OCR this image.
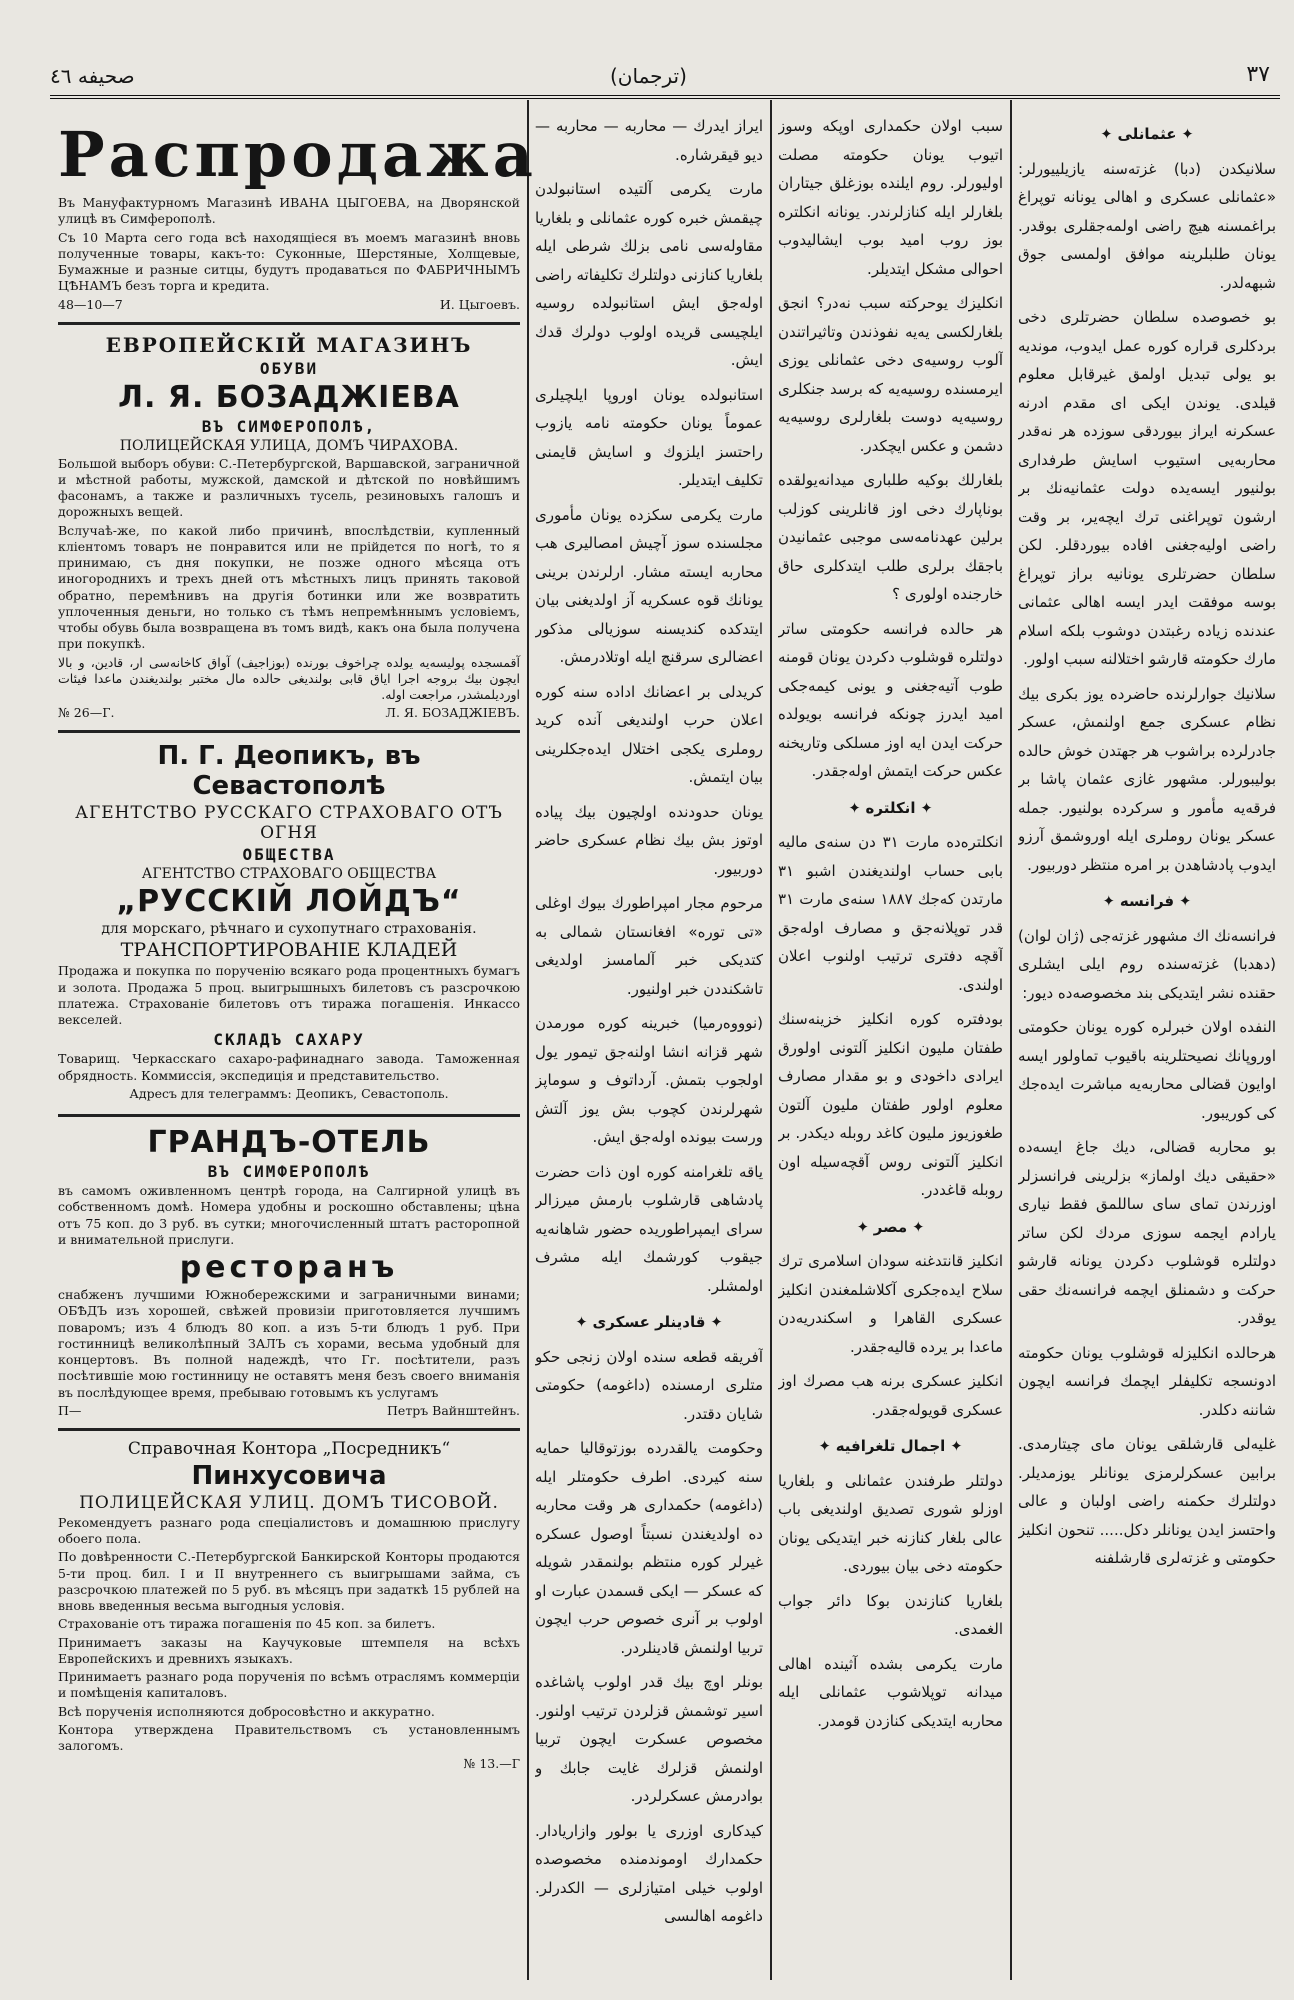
صحيفه ٤٦	(ترجمان)	٣٧
Распродажа

Въ Мануфактурномъ Магазинѣ ИВАНА ЦЫГОЕВА, на Дворянской улицѣ въ Симферополѣ.

Съ 10 Марта сего года всѣ находящіеся въ моемъ магазинѣ вновь полученные товары, какъ-то: Суконные, Шерстяные, Холщевые, Бумажные и разные ситцы, будутъ продаваться по ФАБРИЧНЫМЪ ЦѢНАМЪ безъ торга и кредита.

48—10—7	И. Цыгоевъ.
ЕВРОПЕЙСКІЙ МАГАЗИНЪ
ОБУВИ
Л. Я. БОЗАДЖІЕВА
ВЪ СИМФЕРОПОЛѢ,
ПОЛИЦЕЙСКАЯ УЛИЦА, ДОМЪ ЧИРАХОВА.

Большой выборъ обуви: С.-Петербургской, Варшавской, заграничной и мѣстной работы, мужской, дамской и дѣтской по новѣйшимъ фасонамъ, а также и различныхъ тусель, резиновыхъ галошъ и дорожныхъ вещей.

Вслучаѣ-же, по какой либо причинѣ, впослѣдствіи, купленный кліентомъ товаръ не понравится или не прійдется по ногѣ, то я принимаю, съ дня покупки, не позже одного мѣсяца отъ иногороднихъ и трехъ дней отъ мѣстныхъ лицъ принять таковой обратно, перемѣнивъ на другія ботинки или же возвратить уплоченныя деньги, но только съ тѣмъ непремѣннымъ условіемъ, чтобы обувь была возвращена въ томъ видѣ, какъ она была получена при покупкѣ.

آقمسجده پولیسه‌یه یولده چراخوف بورنده (بوزاجيف) آواق كاخانه‌سى ار، قادين، و بالا ایچون بيك بروجه اجرا ایاق قابى بولندیغى حالده مال مختبر بولندیغندن ماعدا فيئات اوردیلمشدر، مراجعت اوله.

№ 26—Г.	Л. Я. БОЗАДЖІЕВЪ.
П. Г. Деопикъ, въ Севастополѣ
АГЕНТСТВО РУССКАГО СТРАХОВАГО ОТЪ ОГНЯ
ОБЩЕСТВА
АГЕНТСТВО СТРАХОВАГО ОБЩЕСТВА
„РУССКІЙ ЛОЙДЪ“
для морскаго, рѣчнаго и сухопутнаго страхованія.
ТРАНСПОРТИРОВАНІЕ КЛАДЕЙ

Продажа и покупка по порученію всякаго рода процентныхъ бумагъ и золота. Продажа 5 проц. выигрышныхъ билетовъ съ разсрочкою платежа. Страхованіе билетовъ отъ тиража погашенія. Инкассо векселей.

СКЛАДЪ САХАРУ

Товарищ. Черкасскаго сахаро-рафинаднаго завода. Таможенная обрядность. Коммиссія, экспедиція и представительство.

Адресъ для телеграммъ: Деопикъ, Севастополь.

ГРАНДЪ-ОТЕЛЬ
ВЪ СИМФЕРОПОЛѢ

въ самомъ оживленномъ центрѣ города, на Салгирной улицѣ въ собственномъ домѣ. Номера удобны и роскошно обставлены; цѣна отъ 75 коп. до 3 руб. въ сутки; многочисленный штатъ расторопной и внимательной прислуги.

ресторанъ

снабженъ лучшими Южнобережскими и заграничными винами; ОБѢДЪ изъ хорошей, свѣжей провизіи приготовляется лучшимъ поваромъ; изъ 4 блюдъ 80 коп. а изъ 5-ти блюдъ 1 руб. При гостинницѣ великолѣпный ЗАЛЪ съ хорами, весьма удобный для концертовъ. Въ полной надеждѣ, что Гг. посѣтители, разъ посѣтившіе мою гостинницу не оставятъ меня безъ своего вниманія въ послѣдующее время, пребываю готовымъ къ услугамъ

П—	Петръ Вайнштейнъ.
Справочная Контора „Посредникъ“
Пинхусовича
ПОЛИЦЕЙСКАЯ УЛИЦ. ДОМЪ ТИСОВОЙ.

Рекомендуетъ разнаго рода спеціалистовъ и домашнюю прислугу обоего пола.

По довѣренности С.-Петербургской Банкирской Конторы продаются 5-ти проц. бил. I и II внутреннего съ выигрышами займа, съ разсрочкою платежей по 5 руб. въ мѣсяцъ при задаткѣ 15 рублей на вновь введенныя весьма выгодныя условія.

Страхованіе отъ тиража погашенія по 45 коп. за билетъ.

Принимаетъ заказы на Каучуковые штемпеля на всѣхъ Европейскихъ и древнихъ языкахъ.

Принимаетъ разнаго рода порученія по всѣмъ отраслямъ коммерціи и помѣщенія капиталовъ.

Всѣ порученія исполняются добросовѣстно и аккуратно.

Контора утверждена Правительствомъ съ установленнымъ залогомъ.

№ 13.—Г

ايراز ايدرك — محاربه — محاربه — ديو قيقرشاره.

مارت يكرمى آلتيده استانبولدن چيقمش خبره كوره عثمانلى و بلغاريا مقاوله‌سى نامى بزلك شرطى ايله بلغاريا كنازنى دولتلرك تكليفاته راضى اوله‌جق ايش استانبولده روسيه ايلچيسى قريده اولوب دولرك قدك ايش.

استانبولده يونان اوروپا ايلچيلرى عموماً يونان حكومته نامه يازوب راحتسز ايلزوك و اسايش قايمنى تكليف ايتديلر.

مارت يكرمى سكزده يونان مأمورى مجلسنده سوز آچيش امصاليرى هب محاربه ايسته مشار. ارلرندن برينى يونانك قوه عسكريه آز اولديغنى بيان ايتدكده كنديسنه سوزيالى مذكور اعضالرى سرقنچ ايله اوتلادرمش.

كريدلى بر اعضانك اداده سنه كوره اعلان حرب اولنديغى آنده كريد روملرى يكجى اختلال ايده‌جكلرينى بيان ايتمش.

يونان حدودنده اولچيون بيك پياده اوتوز بش بيك نظام عسكرى حاضر دوربيور.

مرحوم مجار امپراطورك بيوك اوغلى «تى توره» افغانستان شمالى به كتديكى خبر آلمامسز اولديغى تاشكنددن خبر اولنيور.

(نوووه‌رميا) خبرينه كوره مورمدن شهر قزانه انشا اولنه‌جق تيمور يول اولجوب بتمش. آرداتوف و سوماپز شهرلرندن كچوب بش يوز آلتش ورست بيونده اوله‌جق ايش.

ياقه تلغرامنه كوره اون ذات حضرت پادشاهى قارشلوب بارمش ميرزالر سراى ايمپراطوريده حضور شاهانه‌يه جيقوب كورشمك ايله مشرف اولمشلر.

✦ قادينلر عسكرى ✦

آفريقه قطعه سنده اولان زنجى حكو متلرى ارمسنده (داغومه) حكومتى شايان دقتدر.

وحكومت يالقدرده بوزتوقاليا حمايه سنه كيردى. اطرف حكومتلر ايله (داغومه) حكمدارى هر وقت محاربه ده اولديغندن نسبتاً اوصول عسكره غيرلر كوره منتظم بولنمقدر شويله كه عسكر — ايكى قسمدن عبارت او اولوب بر آنرى خصوص حرب ايچون تربيا اولنمش قادينلردر.

بونلر اوچ بيك قدر اولوب پاشاغده اسير توشمش قزلردن ترتيب اولنور. مخصوص عسكرت ايچون تربيا اولنمش قزلرك غايت جابك و بوادرمش عسكرلردر.

كيدكارى اوزرى يا بولور وازاريادار. حكمدارك اوموندمنده مخصوصده اولوب خيلى امتيازلرى — الكدرلر. داغومه اهالىسى

سبب اولان حكمدارى اوپكه وسوز اتيوب يونان حكومته مصلت اوليورلر. روم ايلنده بوزغلق جيتاران بلغارلر ايله كنازلرندر. يونانه انكلتره بوز روب اميد بوب ايشاليدوب احوالى مشكل ايتديلر.

انكليزك يوحركته سبب نه‌در؟ انجق بلغارلكسى يه‌يه نفوذندن وتاثيراتندن آلوب روسيه‌ى دخى عثمانلى يوزى ايرمسنده روسيه‌يه كه برسد جنكلرى روسيه‌يه دوست بلغارلرى روسيه‌يه دشمن و عكس ايچكدر.

بلغارلك بوكيه طلبارى ميدانه‌يولقده بوناپارك دخى اوز قانلرينى كوزلب برلين عهدنامه‌سى موجبى عثمانيدن باجقك برلرى طلب ايتدكلرى حاق خارجنده اولورى ؟

هر حالده فرانسه حكومتى ساتر دولتلره قوشلوب دكردن يونان قومنه طوب آتيه‌جغنى و يونى كيمه‌جكى اميد ايدرز چونكه فرانسه بويولده حركت ايدن ايه اوز مسلكى وتاريخنه عكس حركت ايتمش اوله‌جقدر.

✦ انكلتره ✦

انكلتره‌ده مارت ٣١ دن سنه‌ى ماليه بابى حساب اولنديغندن اشبو ٣١ مارتدن كه‌جك ١٨٨٧ سنه‌ى مارت ٣١ قدر توپلانه‌جق و مصارف اوله‌جق آقچه دفترى ترتيب اولنوب اعلان اولندى.

بودفتره كوره انكليز خزينه‌سنك طفتان مليون انكليز آلتونى اولورق ايرادى داخودى و بو مقدار مصارف معلوم اولور طفتان مليون آلتون طغوزيوز مليون كاغد روبله ديكدر. بر انكليز آلتونى روس آقچه‌سيله اون روبله قاغددر.

✦ مصر ✦

انكليز قانتدغنه سودان اسلامرى ترك سلاح ايده‌جكرى آكلاشلمغندن انكليز عسكرى القاهرا و اسكندريه‌دن ماعدا بر يرده قاليه‌جقدر.

انكليز عسكرى برنه هب مصرك اوز عسكرى قويوله‌جقدر.

✦ اجمال تلغرافيه ✦

دولتلر طرفندن عثمانلى و بلغاريا اوزلو شورى تصديق اولنديغى باب عالى بلغار كنازنه خبر ايتديكى يونان حكومته دخى بيان بيوردى.

بلغاريا كنازندن بوكا دائر جواب الغمدى.

مارت يكرمى بشده آثينده اهالى ميدانه توپلاشوب عثمانلى ايله محاربه ايتديكى كنازدن قومدر.

✦ عثمانلى ✦

سلانيكدن (دبا) غزته‌سنه يازيلييورلر: «عثمانلى عسكرى و اهالى يونانه توپراغ براغمسنه هيچ راضى اولمه‌جقلرى بوقدر. يونان طلبلرينه موافق اولمسى جوق شبهه‌لدر.

بو خصوصده سلطان حضرتلرى دخى بردكلرى قراره كوره عمل ايدوب، مونديه بو يولى تبديل اولمق غيرقابل معلوم قيلدى. يوندن ايكى اى مقدم ادرنه عسكرنه ايراز بيوردقى سوزده هر نه‌قدر محاربه‌يى استيوب اسايش طرفدارى بولنيور ايسه‌يده دولت عثمانيه‌نك بر ارشون توپراغنى ترك ايچه‌ير، بر وقت راضى اوليه‌جغنى افاده بيوردقلر. لكن سلطان حضرتلرى يونانيه براز توپراغ بوسه موفقت ايدر ايسه اهالى عثمانى عندنده زياده رغبتدن دوشوب بلكه اسلام مارك حكومته قارشو اختلالنه سبب اولور.

سلانيك جوارلرنده حاضرده يوز بكرى بيك نظام عسكرى جمع اولنمش، عسكر جادرلرده براشوب هر جهتدن خوش حالده بوليبورلر. مشهور غازى عثمان پاشا بر فرقه‌يه مأمور و سركرده بولنيور. جمله عسكر يونان روملرى ايله اوروشمق آرزو ايدوب پادشاهدن بر امره منتظر دوربيور.

✦ فرانسه ✦

فرانسه‌نك اك مشهور غزته‌جى (ژان لوان) (دهدبا) غزته‌سنده روم ايلى ايشلرى حقنده نشر ايتديكى بند مخصوصه‌ده ديور:

النفده اولان خبرلره كوره يونان حكومتى اوروپانك نصيحتلرينه باقيوب تماولور ايسه اوايون قضالى محاربه‌يه مباشرت ايده‌جك كى كوريبور.

بو محاربه قضالى، ديك جاغ ايسه‌ده «حقيقى ديك اولماز» بزلرينى فرانسزلر اوزرندن تماى ساى ساللمق فقط نيارى يارادم ايجمه سوزى مردك لكن ساتر دولتلره قوشلوب دكردن يونانه قارشو حركت و دشمنلق ايچمه فرانسه‌نك حقى يوقدر.

هرحالده انكليزله قوشلوب يونان حكومته ادونسجه تكليفلر ايچمك فرانسه ايچون شاننه دكلدر.

غليه‌لى قارشلقى يونان ماى چيتارمدى. برابين عسكرلرمزى يونانلر يوزمديلر. دولتلرك حكمنه راضى اولبان و عالى واحتسز ايدن يونانلر دكل..... تنحون انكليز حكومتى و غزته‌لرى قارشلفنه
